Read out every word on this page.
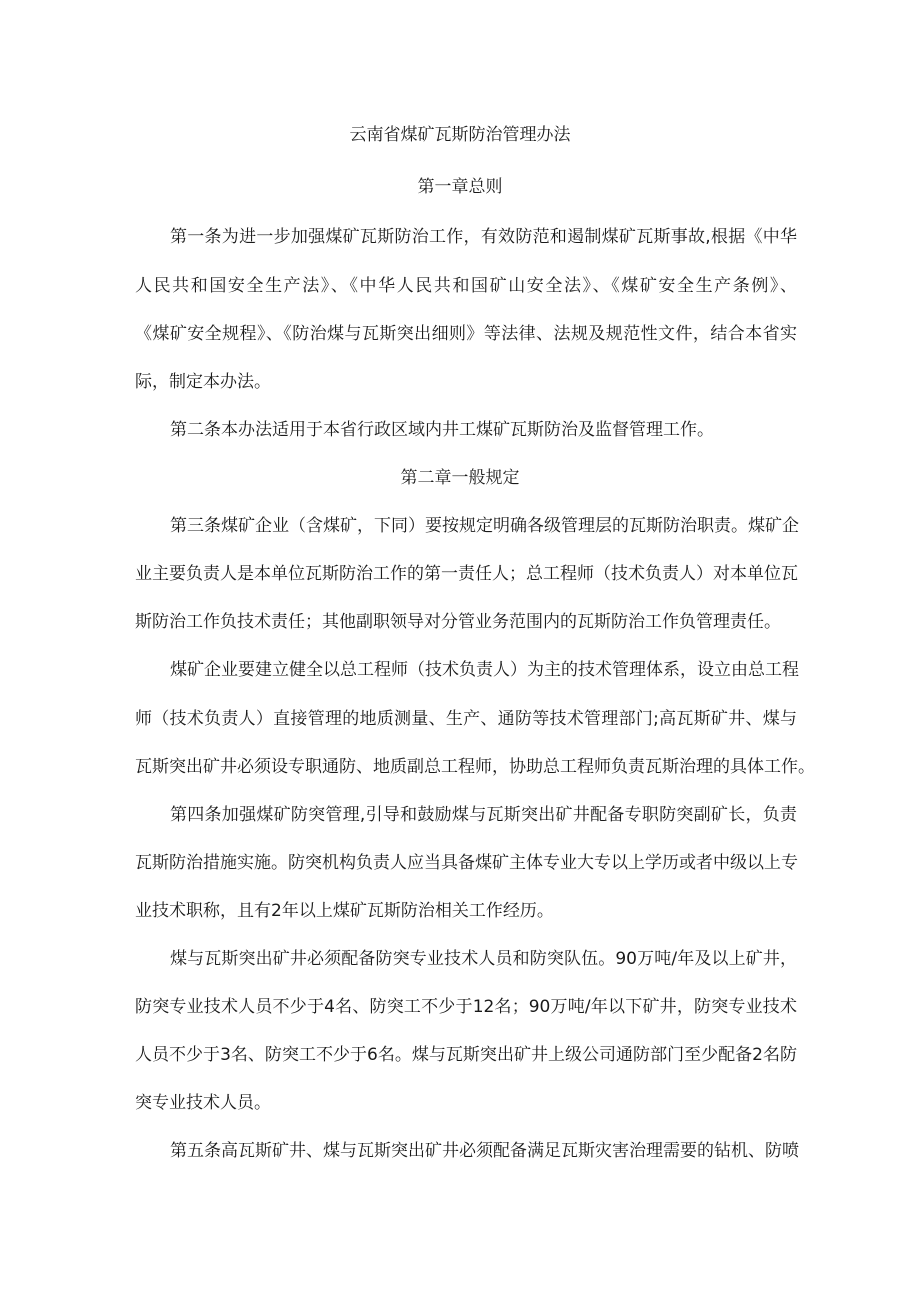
云南省煤矿瓦斯防治管理办法
第一章总则
第一条为进一步加强煤矿瓦斯防治工作，有效防范和遏制煤矿瓦斯事故,根据《中华
人民共和国安全生产法》、《中华人民共和国矿山安全法》、《煤矿安全生产条例》、
《煤矿安全规程》、《防治煤与瓦斯突出细则》等法律、法规及规范性文件，结合本省实
际，制定本办法。
第二条本办法适用于本省行政区域内井工煤矿瓦斯防治及监督管理工作。
第二章一般规定
第三条煤矿企业（含煤矿，下同）要按规定明确各级管理层的瓦斯防治职责。煤矿企
业主要负责人是本单位瓦斯防治工作的第一责任人；总工程师（技术负责人）对本单位瓦
斯防治工作负技术责任；其他副职领导对分管业务范围内的瓦斯防治工作负管理责任。
煤矿企业要建立健全以总工程师（技术负责人）为主的技术管理体系，设立由总工程
师（技术负责人）直接管理的地质测量、生产、通防等技术管理部门;高瓦斯矿井、煤与
瓦斯突出矿井必须设专职通防、地质副总工程师，协助总工程师负责瓦斯治理的具体工作。
第四条加强煤矿防突管理,引导和鼓励煤与瓦斯突出矿井配备专职防突副矿长，负责
瓦斯防治措施实施。防突机构负责人应当具备煤矿主体专业大专以上学历或者中级以上专
业技术职称，且有2年以上煤矿瓦斯防治相关工作经历。
煤与瓦斯突出矿井必须配备防突专业技术人员和防突队伍。90万吨/年及以上矿井，
防突专业技术人员不少于4名、防突工不少于12名；90万吨/年以下矿井，防突专业技术
人员不少于3名、防突工不少于6名。煤与瓦斯突出矿井上级公司通防部门至少配备2名防
突专业技术人员。
第五条高瓦斯矿井、煤与瓦斯突出矿井必须配备满足瓦斯灾害治理需要的钻机、防喷
